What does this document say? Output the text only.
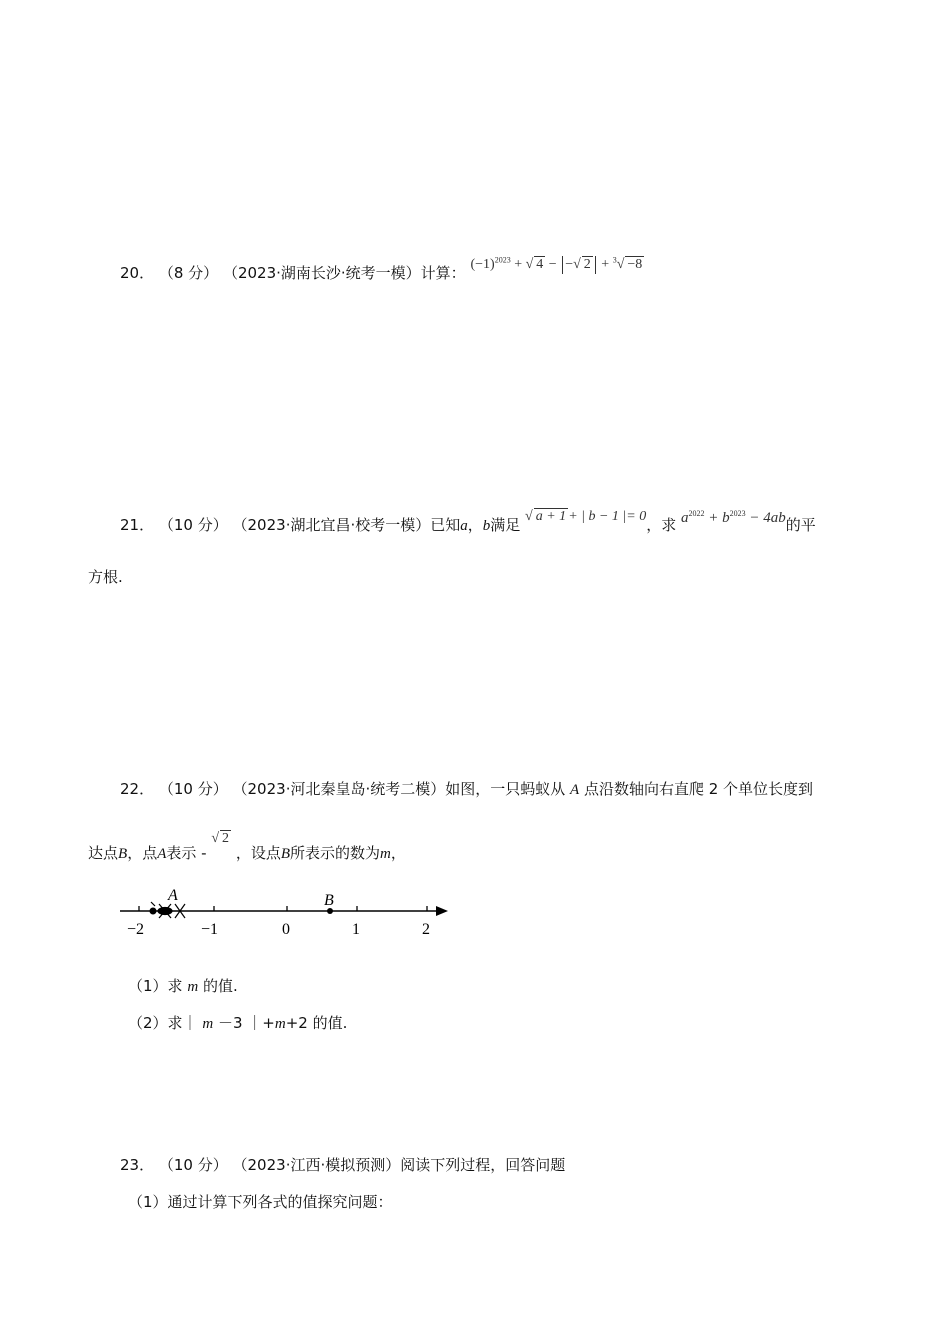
20． （8 分） （2023·湖南长沙·统考一模）计算： $(-1)^{2023}$ + √ 4 − −√ 2 + $^3$√ −8
21． （10 分） （2023·湖北宜昌·校考一模）已知a，b满足 √ a + 1 + | b − 1 |= 0，求 $a^{2022} + b^{2023} - 4ab$的平
方根.
22． （10 分） （2023·河北秦皇岛·统考二模）如图，一只蚂蚁从 A 点沿数轴向右直爬 2 个单位长度到
达点B，点A表示 - √ 2 ，设点B所表示的数为m，
−2	−1	0	1	2
A	B
（1）求 m 的值.
（2）求｜ m －3 ｜+m+2 的值.
23． （10 分） （2023·江西·模拟预测）阅读下列过程，回答问题
（1）通过计算下列各式的值探究问题：
